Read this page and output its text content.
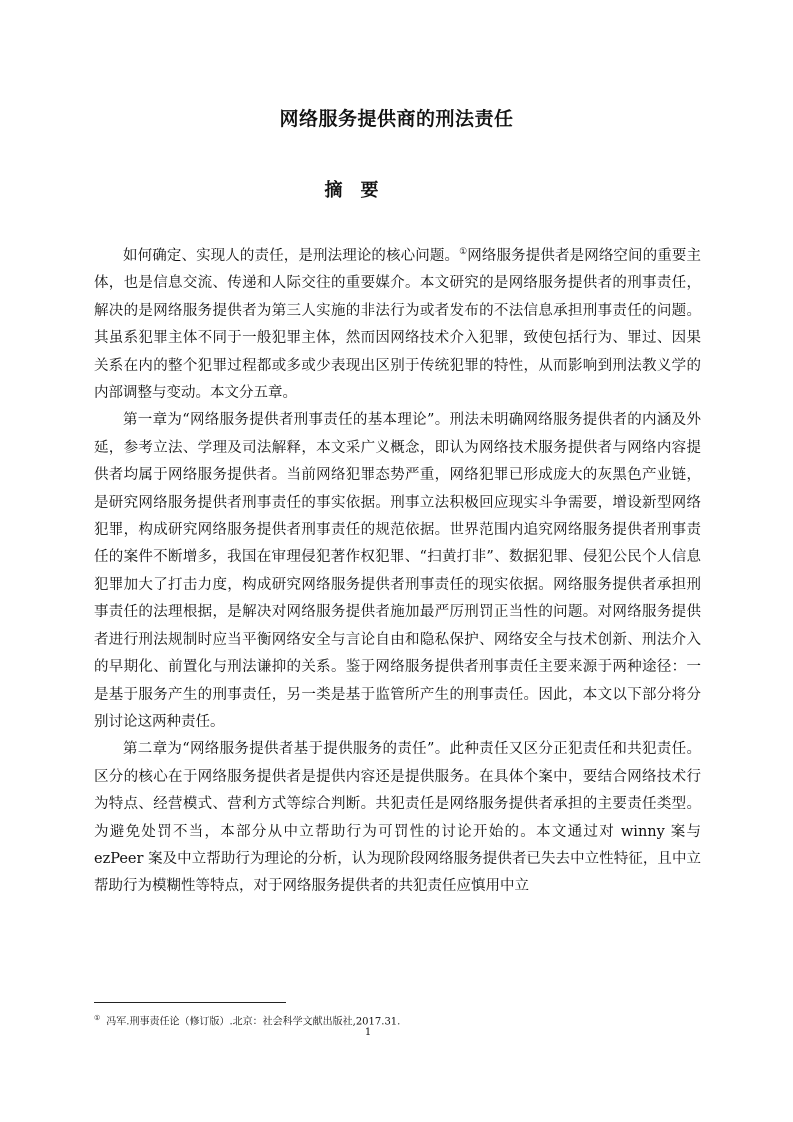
网络服务提供商的刑法责任
摘　要

如何确定、实现人的责任，是刑法理论的核心问题。①网络服务提供者是网络空间的重要主体，也是信息交流、传递和人际交往的重要媒介。本文研究的是网络服务提供者的刑事责任，解决的是网络服务提供者为第三人实施的非法行为或者发布的不法信息承担刑事责任的问题。其虽系犯罪主体不同于一般犯罪主体，然而因网络技术介入犯罪，致使包括行为、罪过、因果关系在内的整个犯罪过程都或多或少表现出区别于传统犯罪的特性，从而影响到刑法教义学的内部调整与变动。本文分五章。

第一章为“网络服务提供者刑事责任的基本理论”。刑法未明确网络服务提供者的内涵及外延，参考立法、学理及司法解释，本文采广义概念，即认为网络技术服务提供者与网络内容提供者均属于网络服务提供者。当前网络犯罪态势严重，网络犯罪已形成庞大的灰黑色产业链，是研究网络服务提供者刑事责任的事实依据。刑事立法积极回应现实斗争需要，增设新型网络犯罪，构成研究网络服务提供者刑事责任的规范依据。世界范围内追究网络服务提供者刑事责任的案件不断增多，我国在审理侵犯著作权犯罪、“扫黄打非”、数据犯罪、侵犯公民个人信息犯罪加大了打击力度，构成研究网络服务提供者刑事责任的现实依据。网络服务提供者承担刑事责任的法理根据，是解决对网络服务提供者施加最严厉刑罚正当性的问题。对网络服务提供者进行刑法规制时应当平衡网络安全与言论自由和隐私保护、网络安全与技术创新、刑法介入的早期化、前置化与刑法谦抑的关系。鉴于网络服务提供者刑事责任主要来源于两种途径：一是基于服务产生的刑事责任，另一类是基于监管所产生的刑事责任。因此，本文以下部分将分别讨论这两种责任。

第二章为“网络服务提供者基于提供服务的责任”。此种责任又区分正犯责任和共犯责任。区分的核心在于网络服务提供者是提供内容还是提供服务。在具体个案中，要结合网络技术行为特点、经营模式、营利方式等综合判断。共犯责任是网络服务提供者承担的主要责任类型。为避免处罚不当，本部分从中立帮助行为可罚性的讨论开始的。本文通过对 winny 案与 ezPeer 案及中立帮助行为理论的分析，认为现阶段网络服务提供者已失去中立性特征，且中立帮助行为模糊性等特点，对于网络服务提供者的共犯责任应慎用中立

① 冯军.刑事责任论（修订版）.北京：社会科学文献出版社,2017.31.
1
